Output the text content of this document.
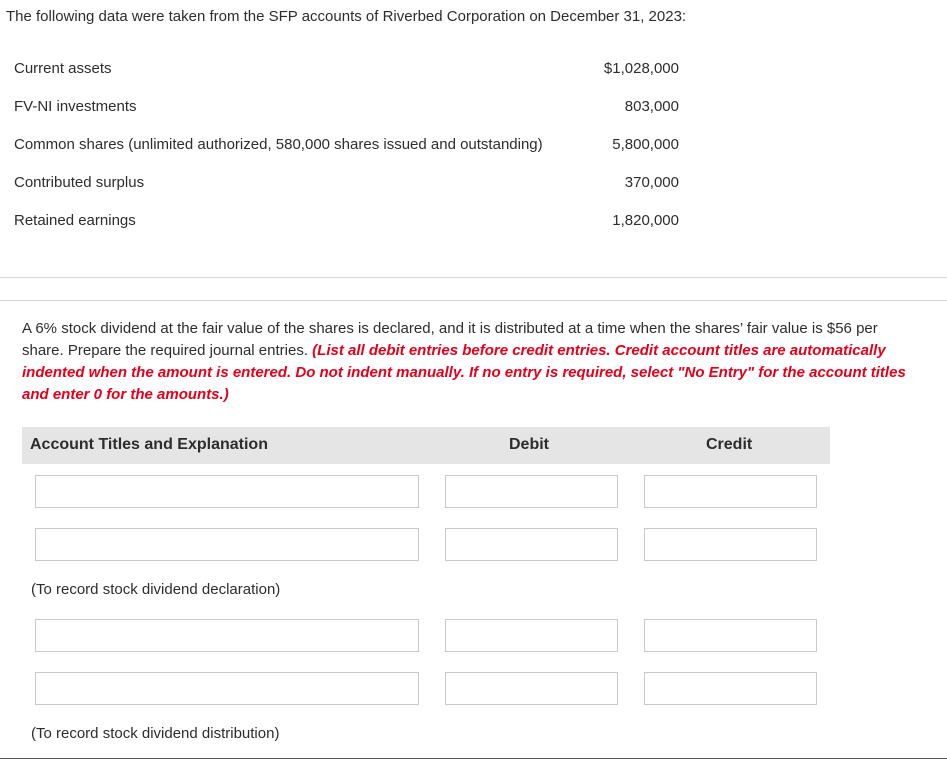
The following data were taken from the SFP accounts of Riverbed Corporation on December 31, 2023:
Current assets	$1,028,000
FV-NI investments	803,000
Common shares (unlimited authorized, 580,000 shares issued and outstanding)	5,800,000
Contributed surplus	370,000
Retained earnings	1,820,000
A 6% stock dividend at the fair value of the shares is declared, and it is distributed at a time when the shares’ fair value is $56 per share. Prepare the required journal entries. (List all debit entries before credit entries. Credit account titles are automatically indented when the amount is entered. Do not indent manually. If no entry is required, select "No Entry" for the account titles and enter 0 for the amounts.)
Account Titles and Explanation	Debit	Credit
(To record stock dividend declaration)
(To record stock dividend distribution)
